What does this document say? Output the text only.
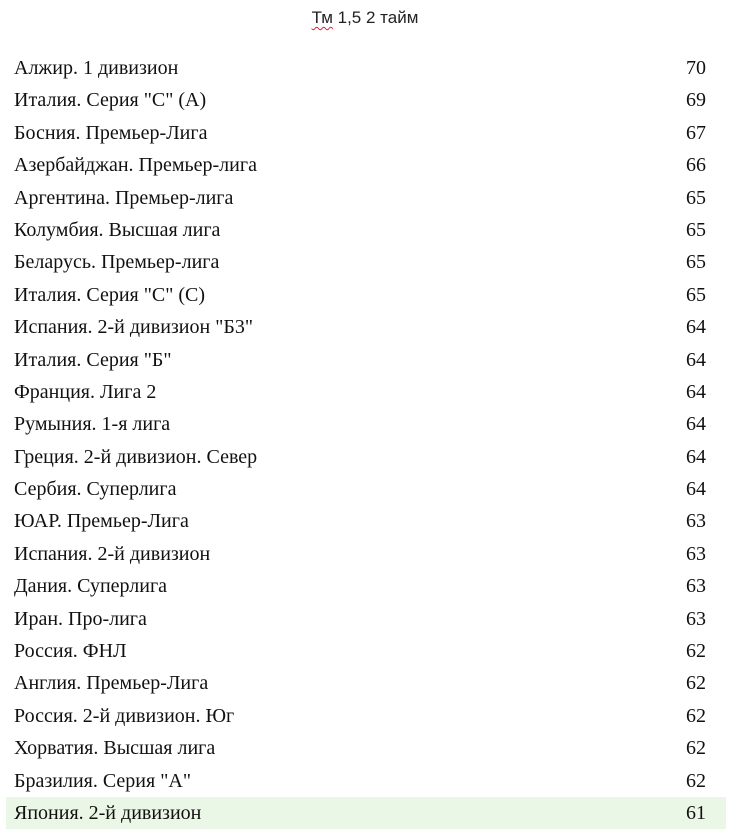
Тм 1,5 2 тайм
Алжир. 1 дивизион	70
Италия. Серия "С" (А)	69
Босния. Премьер-Лига	67
Азербайджан. Премьер-лига	66
Аргентина. Премьер-лига	65
Колумбия. Высшая лига	65
Беларусь. Премьер-лига	65
Италия. Серия "С" (С)	65
Испания. 2-й дивизион "Б3"	64
Италия. Серия "Б"	64
Франция. Лига 2	64
Румыния. 1-я лига	64
Греция. 2-й дивизион. Север	64
Сербия. Суперлига	64
ЮАР. Премьер-Лига	63
Испания. 2-й дивизион	63
Дания. Суперлига	63
Иран. Про-лига	63
Россия. ФНЛ	62
Англия. Премьер-Лига	62
Россия. 2-й дивизион. Юг	62
Хорватия. Высшая лига	62
Бразилия. Серия "А"	62
Япония. 2-й дивизион	61
